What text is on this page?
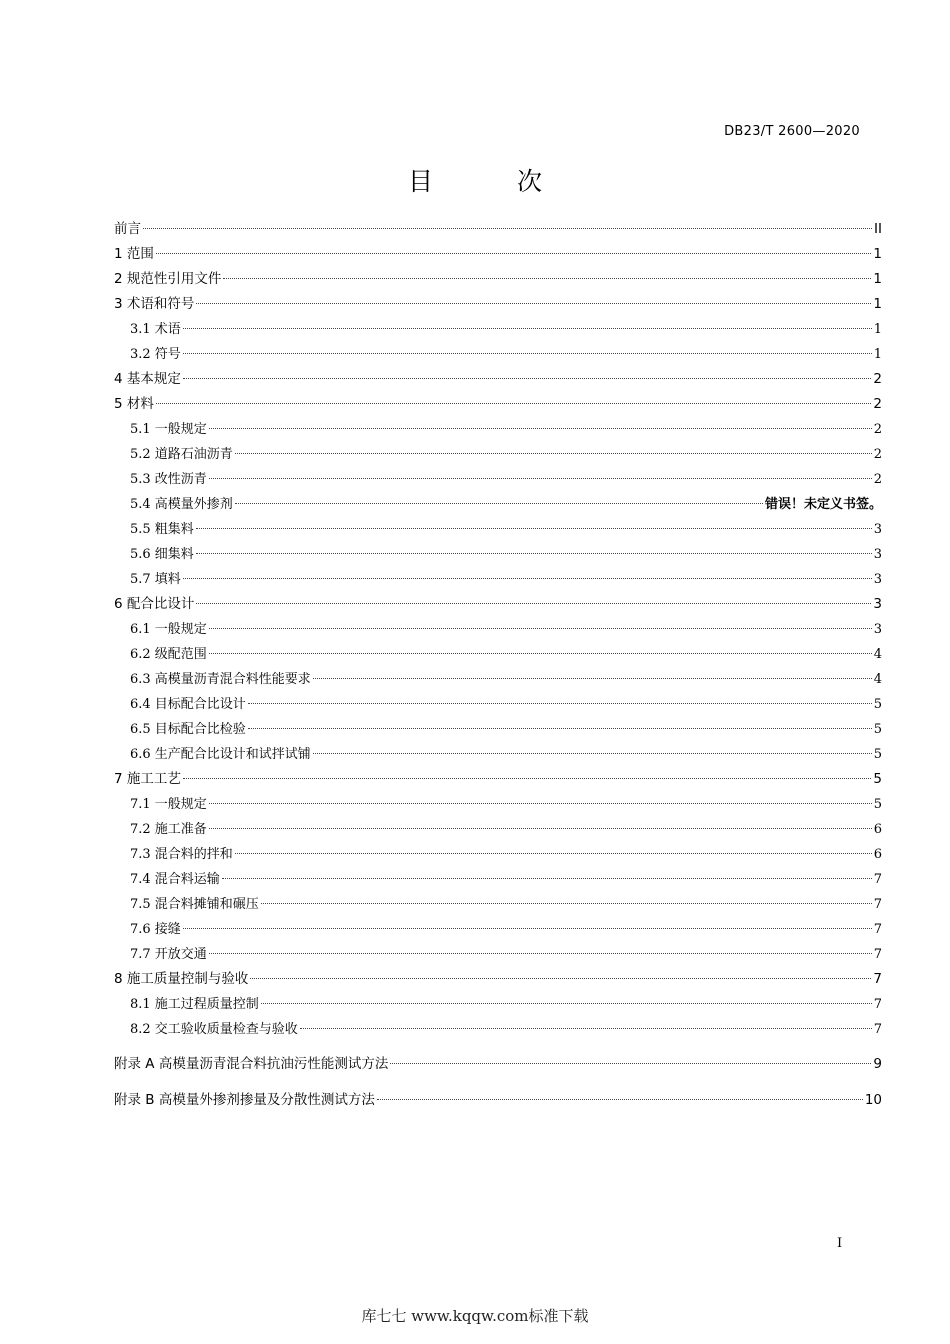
DB23/T 2600—2020
目 次
前言	II
1 范围	1
2 规范性引用文件	1
3 术语和符号	1
3.1 术语	1
3.2 符号	1
4 基本规定	2
5 材料	2
5.1 一般规定	2
5.2 道路石油沥青	2
5.3 改性沥青	2
5.4 高模量外掺剂	错误！未定义书签。
5.5 粗集料	3
5.6 细集料	3
5.7 填料	3
6 配合比设计	3
6.1 一般规定	3
6.2 级配范围	4
6.3 高模量沥青混合料性能要求	4
6.4 目标配合比设计	5
6.5 目标配合比检验	5
6.6 生产配合比设计和试拌试铺	5
7 施工工艺	5
7.1 一般规定	5
7.2 施工准备	6
7.3 混合料的拌和	6
7.4 混合料运输	7
7.5 混合料摊铺和碾压	7
7.6 接缝	7
7.7 开放交通	7
8 施工质量控制与验收	7
8.1 施工过程质量控制	7
8.2 交工验收质量检查与验收	7
附录 A 高模量沥青混合料抗油污性能测试方法	9
附录 B 高模量外掺剂掺量及分散性测试方法	10
I
库七七 www.kqqw.com标准下载
